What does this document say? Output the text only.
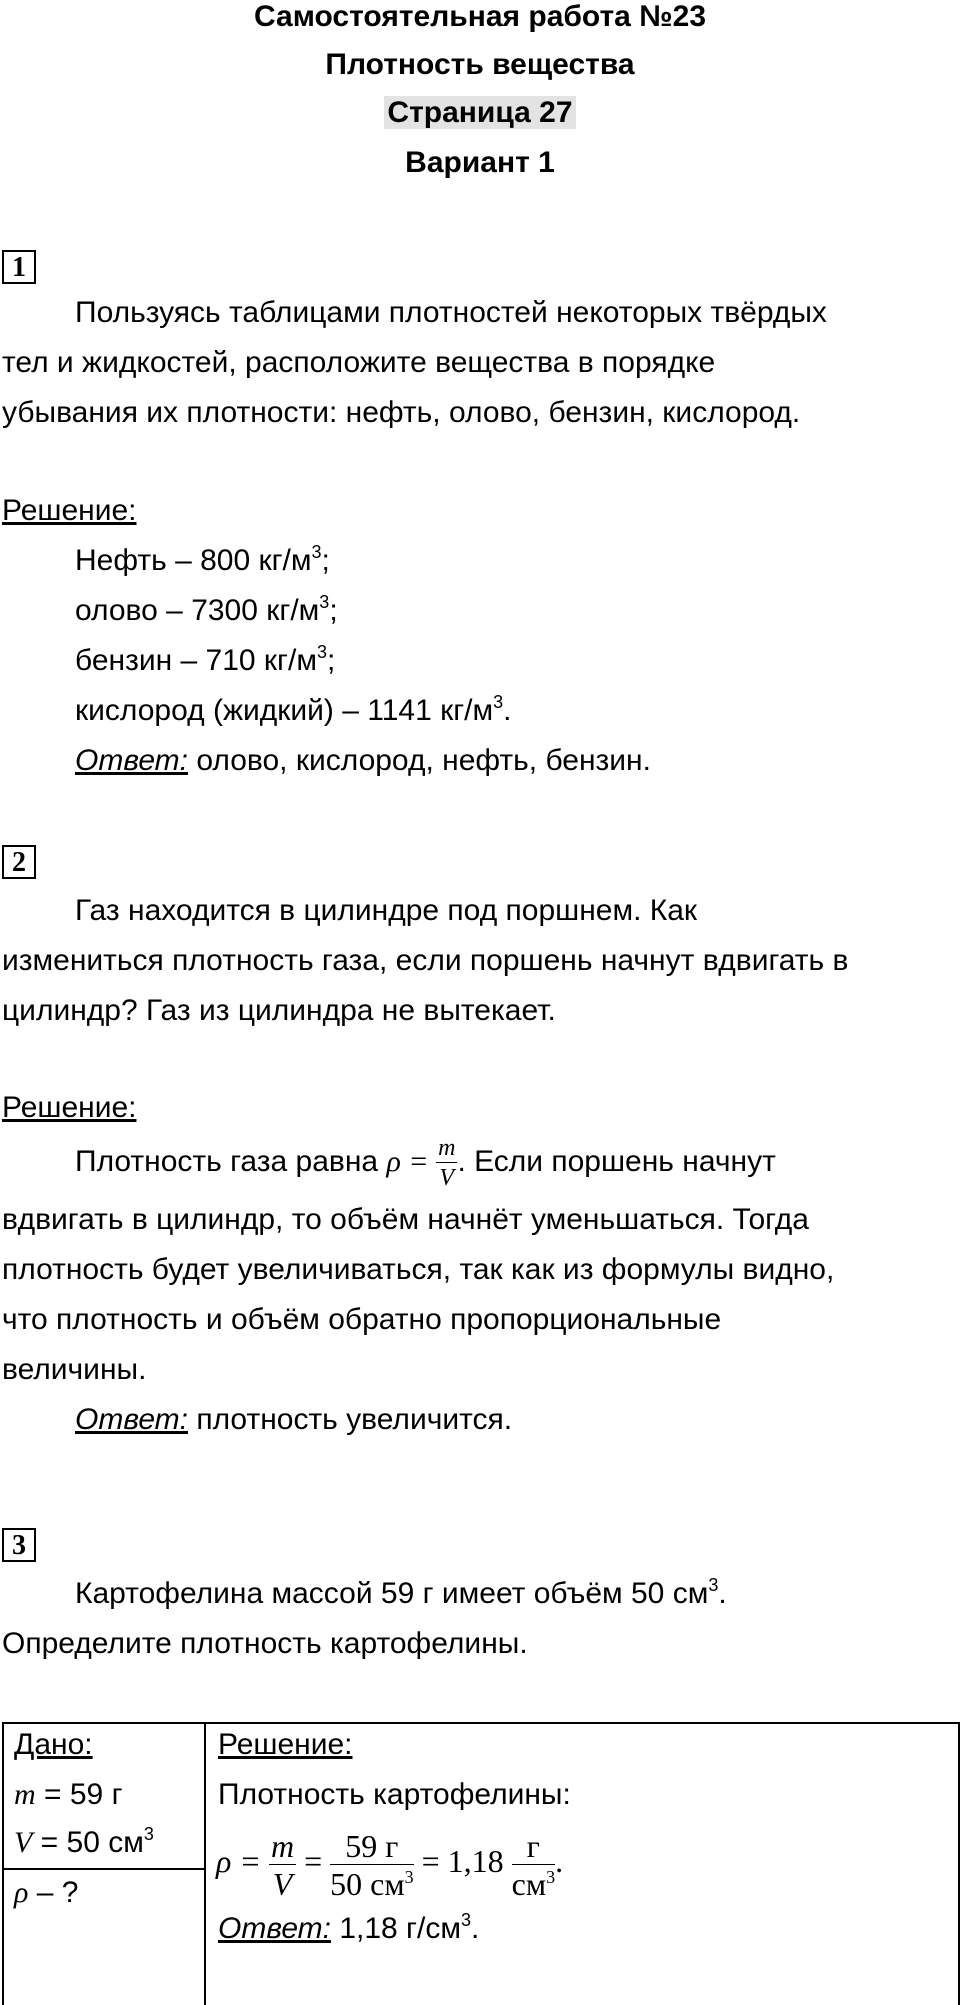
Самостоятельная работа №23
Плотность вещества
Страница 27
Вариант 1
1
Пользуясь таблицами плотностей некоторых твёрдых
тел и жидкостей, расположите вещества в порядке
убывания их плотности: нефть, олово, бензин, кислород.
Решение:
Нефть – 800 $кг/м^3$;
олово – 7300 $кг/м^3$;
бензин – 710 $кг/м^3$;
кислород (жидкий) – 1141 $кг/м^3$.
Ответ: олово, кислород, нефть, бензин.
2
Газ находится в цилиндре под поршнем. Как
измениться плотность газа, если поршень начнут вдвигать в
цилиндр? Газ из цилиндра не вытекает.
Решение:
Плотность газа равна $\rho = \frac{m}{V}$ . Если поршень начнут
вдвигать в цилиндр, то объём начнёт уменьшаться. Тогда
плотность будет увеличиваться, так как из формулы видно,
что плотность и объём обратно пропорциональные
величины.
Ответ: плотность увеличится.
3
Картофелина массой 59 г имеет объём 50 $см^3$.
Определите плотность картофелины.
Дано:
m = 59 г
V = 50 $см^3$
ρ – ?
Решение:
Плотность картофелины:
$\rho = \frac{m}{V} = \frac{59 г}{50 см^3} = 1,18 \frac{г}{см^3}$ .
Ответ: 1,18 $г/см^3$.
